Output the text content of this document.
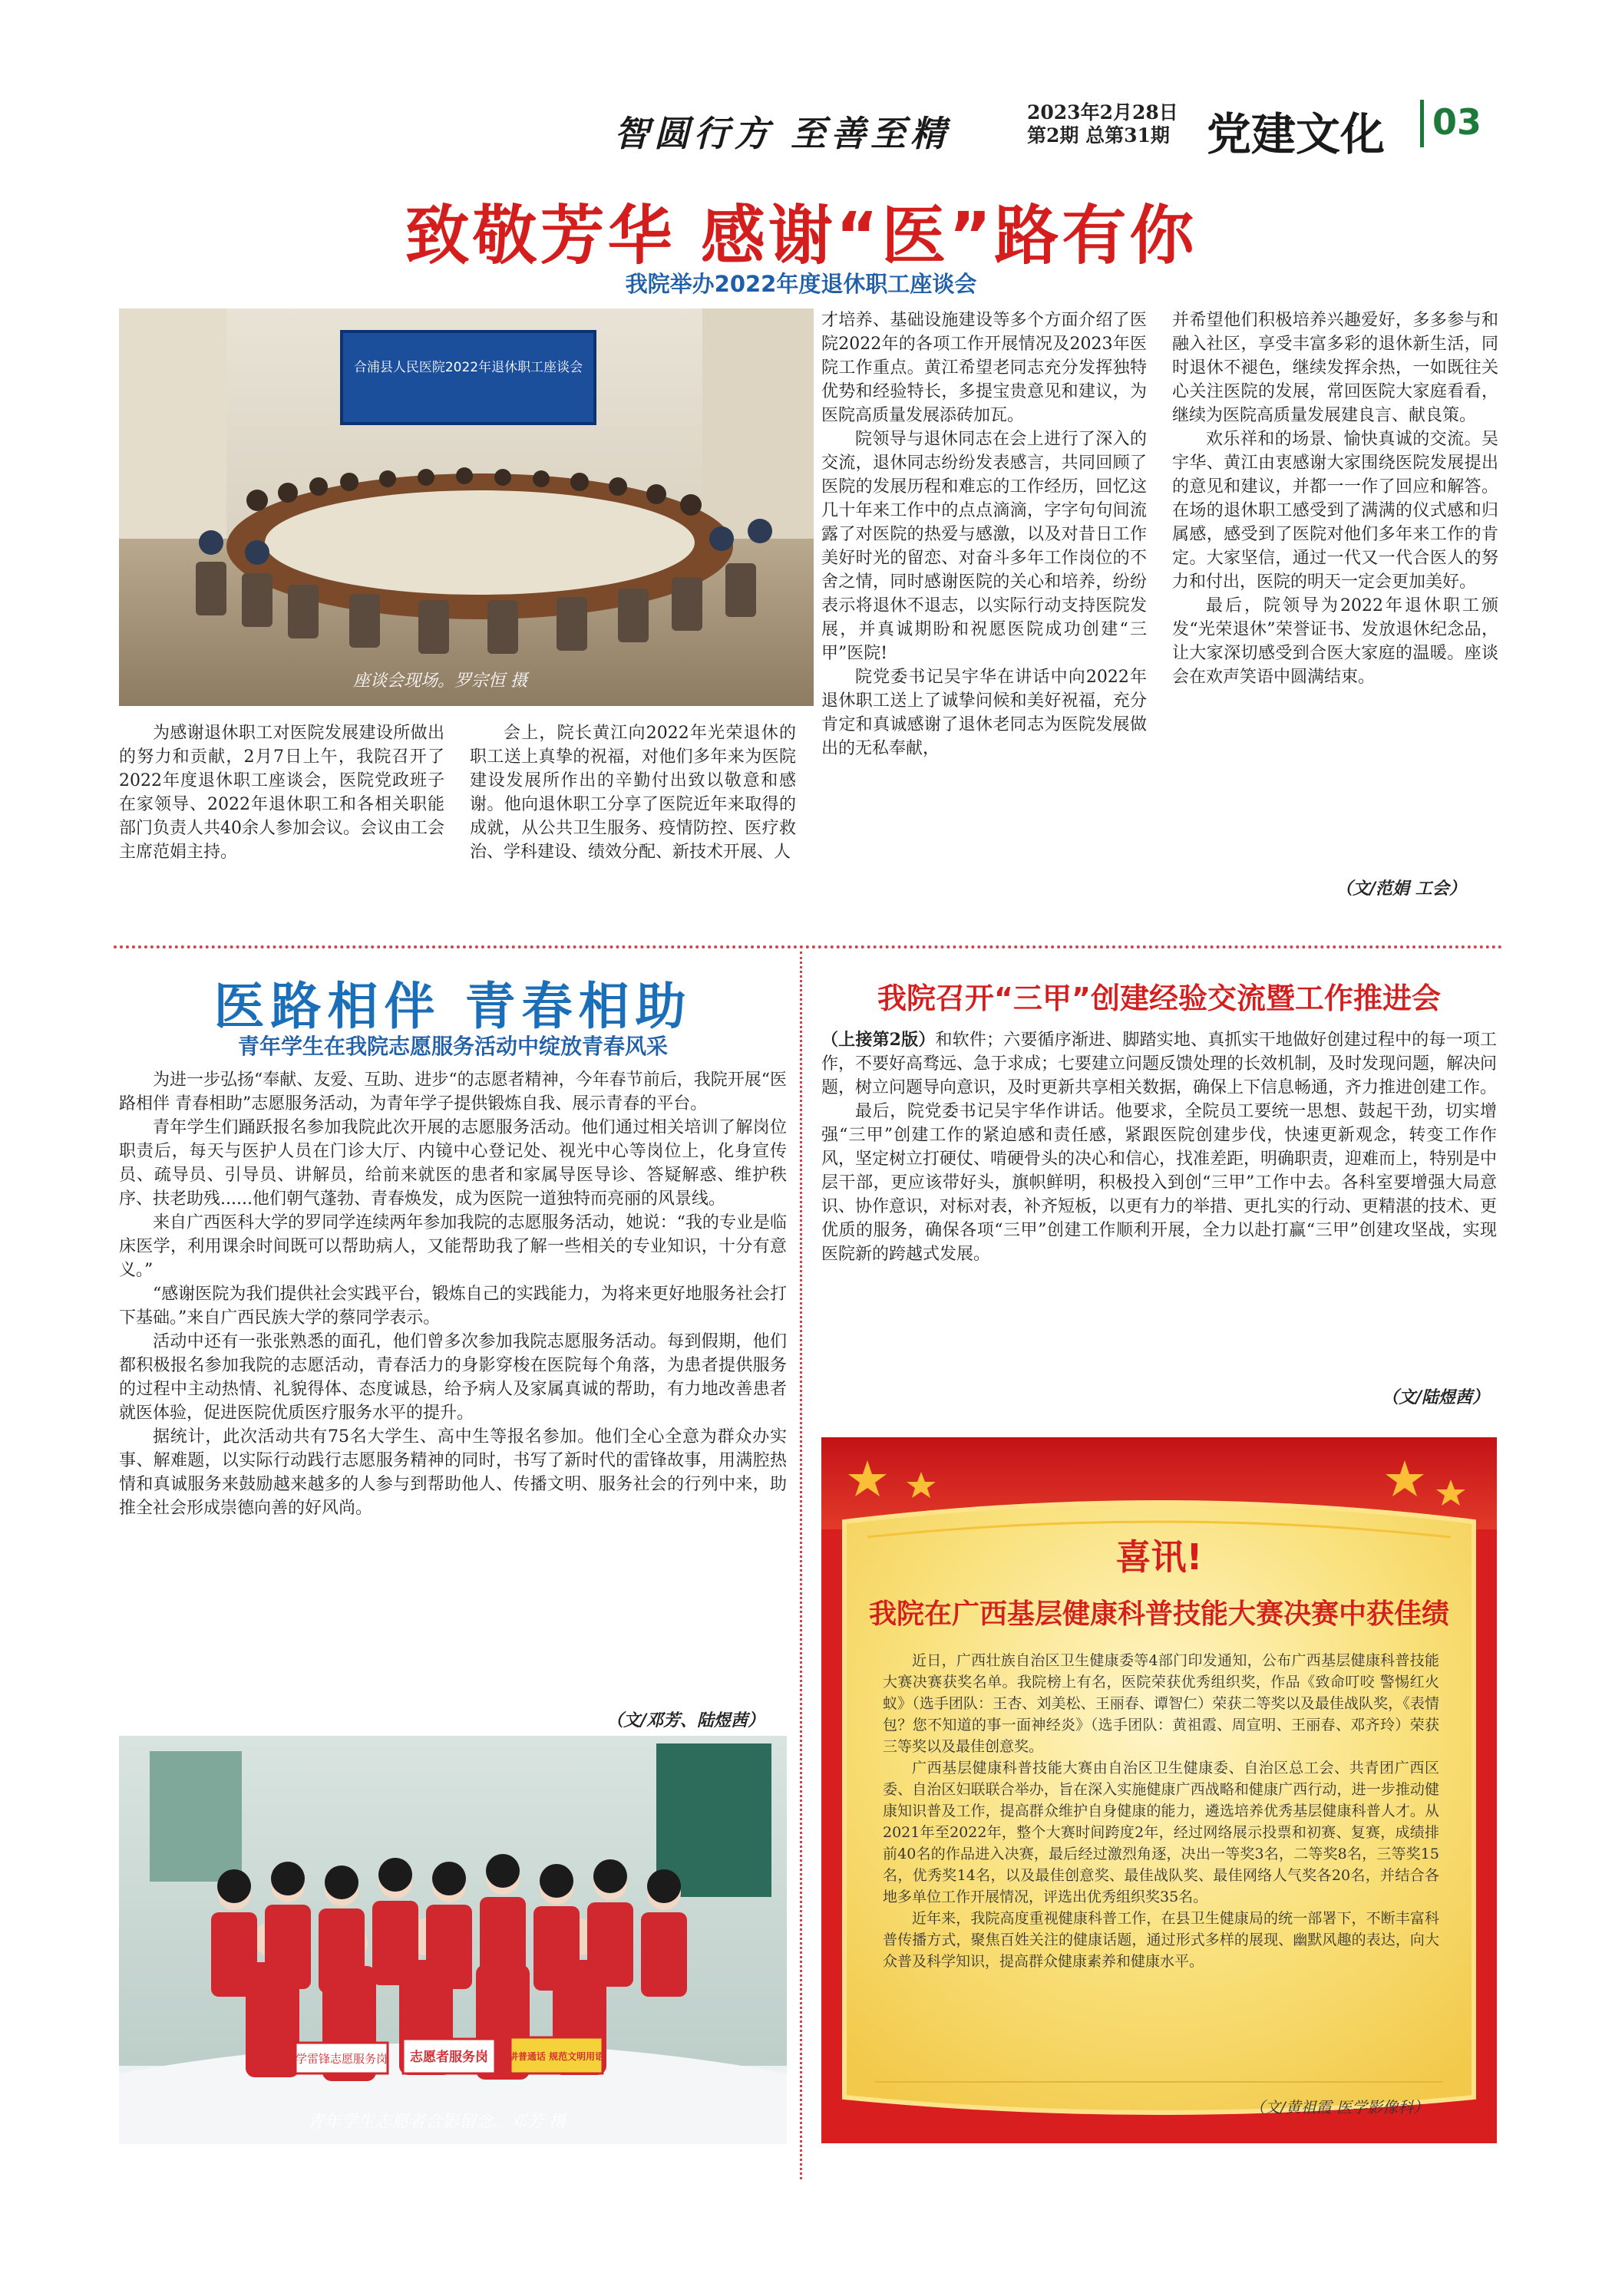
智圆行方 至善至精
2023年2月28日
第2期 总第31期 党建文化 03
致敬芳华 感谢“医”路有你
我院举办2022年度退休职工座谈会
合浦县人民医院2022年退休职工座谈会
座谈会现场。罗宗恒 摄

为感谢退休职工对医院发展建设所做出的努力和贡献，2月7日上午，我院召开了2022年度退休职工座谈会，医院党政班子在家领导、2022年退休职工和各相关职能部门负责人共40余人参加会议。会议由工会主席范娟主持。

会上，院长黄江向2022年光荣退休的职工送上真挚的祝福，对他们多年来为医院建设发展所作出的辛勤付出致以敬意和感谢。他向退休职工分享了医院近年来取得的成就，从公共卫生服务、疫情防控、医疗救治、学科建设、绩效分配、新技术开展、人

才培养、基础设施建设等多个方面介绍了医院2022年的各项工作开展情况及2023年医院工作重点。黄江希望老同志充分发挥独特优势和经验特长，多提宝贵意见和建议，为医院高质量发展添砖加瓦。

院领导与退休同志在会上进行了深入的交流，退休同志纷纷发表感言，共同回顾了医院的发展历程和难忘的工作经历，回忆这几十年来工作中的点点滴滴，字字句句间流露了对医院的热爱与感激，以及对昔日工作美好时光的留恋、对奋斗多年工作岗位的不舍之情，同时感谢医院的关心和培养，纷纷表示将退休不退志，以实际行动支持医院发展，并真诚期盼和祝愿医院成功创建“三甲”医院!

院党委书记吴宇华在讲话中向2022年退休职工送上了诚挚问候和美好祝福，充分肯定和真诚感谢了退休老同志为医院发展做出的无私奉献，

并希望他们积极培养兴趣爱好，多多参与和融入社区，享受丰富多彩的退休新生活，同时退休不褪色，继续发挥余热，一如既往关心关注医院的发展，常回医院大家庭看看，继续为医院高质量发展建良言、献良策。

欢乐祥和的场景、愉快真诚的交流。吴宇华、黄江由衷感谢大家围绕医院发展提出的意见和建议，并都一一作了回应和解答。在场的退休职工感受到了满满的仪式感和归属感，感受到了医院对他们多年来工作的肯定。大家坚信，通过一代又一代合医人的努力和付出，医院的明天一定会更加美好。

最后，院领导为2022年退休职工颁发“光荣退休”荣誉证书、发放退休纪念品，让大家深切感受到合医大家庭的温暖。座谈会在欢声笑语中圆满结束。

（文/范娟 工会）
医路相伴 青春相助
青年学生在我院志愿服务活动中绽放青春风采

为进一步弘扬“奉献、友爱、互助、进步“的志愿者精神，今年春节前后，我院开展“医路相伴 青春相助”志愿服务活动，为青年学子提供锻炼自我、展示青春的平台。

青年学生们踊跃报名参加我院此次开展的志愿服务活动。他们通过相关培训了解岗位职责后，每天与医护人员在门诊大厅、内镜中心登记处、视光中心等岗位上，化身宣传员、疏导员、引导员、讲解员，给前来就医的患者和家属导医导诊、答疑解惑、维护秩序、扶老助残......他们朝气蓬勃、青春焕发，成为医院一道独特而亮丽的风景线。

来自广西医科大学的罗同学连续两年参加我院的志愿服务活动，她说：“我的专业是临床医学，利用课余时间既可以帮助病人，又能帮助我了解一些相关的专业知识，十分有意义。”

“感谢医院为我们提供社会实践平台，锻炼自己的实践能力，为将来更好地服务社会打下基础。”来自广西民族大学的蔡同学表示。

活动中还有一张张熟悉的面孔，他们曾多次参加我院志愿服务活动。每到假期，他们都积极报名参加我院的志愿活动，青春活力的身影穿梭在医院每个角落，为患者提供服务的过程中主动热情、礼貌得体、态度诚恳，给予病人及家属真诚的帮助，有力地改善患者就医体验，促进医院优质医疗服务水平的提升。

据统计，此次活动共有75名大学生、高中生等报名参加。他们全心全意为群众办实事、解难题，以实际行动践行志愿服务精神的同时，书写了新时代的雷锋故事，用满腔热情和真诚服务来鼓励越来越多的人参与到帮助他人、传播文明、服务社会的行列中来，助推全社会形成崇德向善的好风尚。

（文/邓芳、陆煜茜）
学雷锋志愿服务岗 志愿者服务岗 讲普通话 规范文明用语
青年学生志愿者合影留念。邓芳 摄
我院召开“三甲”创建经验交流暨工作推进会

（上接第2版）和软件；六要循序渐进、脚踏实地、真抓实干地做好创建过程中的每一项工作，不要好高骛远、急于求成；七要建立问题反馈处理的长效机制，及时发现问题，解决问题，树立问题导向意识，及时更新共享相关数据，确保上下信息畅通，齐力推进创建工作。

最后，院党委书记吴宇华作讲话。他要求，全院员工要统一思想、鼓起干劲，切实增强“三甲”创建工作的紧迫感和责任感，紧跟医院创建步伐，快速更新观念，转变工作作风，坚定树立打硬仗、啃硬骨头的决心和信心，找准差距，明确职责，迎难而上，特别是中层干部，更应该带好头，旗帜鲜明，积极投入到创“三甲”工作中去。各科室要增强大局意识、协作意识，对标对表，补齐短板，以更有力的举措、更扎实的行动、更精湛的技术、更优质的服务，确保各项“三甲”创建工作顺利开展，全力以赴打赢“三甲”创建攻坚战，实现医院新的跨越式发展。

（文/陆煜茜）
喜讯!
我院在广西基层健康科普技能大赛决赛中获佳绩

近日，广西壮族自治区卫生健康委等4部门印发通知，公布广西基层健康科普技能大赛决赛获奖名单。我院榜上有名，医院荣获优秀组织奖，作品《致命叮咬 警惕红火蚁》（选手团队：王杏、刘美松、王丽春、谭智仁）荣获二等奖以及最佳战队奖，《表情包？您不知道的事一面神经炎》（选手团队：黄祖霞、周宣明、王丽春、邓齐玲）荣获三等奖以及最佳创意奖。

广西基层健康科普技能大赛由自治区卫生健康委、自治区总工会、共青团广西区委、自治区妇联联合举办，旨在深入实施健康广西战略和健康广西行动，进一步推动健康知识普及工作，提高群众维护自身健康的能力，遴选培养优秀基层健康科普人才。从2021年至2022年，整个大赛时间跨度2年，经过网络展示投票和初赛、复赛，成绩排前40名的作品进入决赛，最后经过激烈角逐，决出一等奖3名，二等奖8名，三等奖15名，优秀奖14名，以及最佳创意奖、最佳战队奖、最佳网络人气奖各20名，并结合各地多单位工作开展情况，评选出优秀组织奖35名。

近年来，我院高度重视健康科普工作，在县卫生健康局的统一部署下，不断丰富科普传播方式，聚焦百姓关注的健康话题，通过形式多样的展现、幽默风趣的表达，向大众普及科学知识，提高群众健康素养和健康水平。

（文/黄祖霞 医学影像科）
